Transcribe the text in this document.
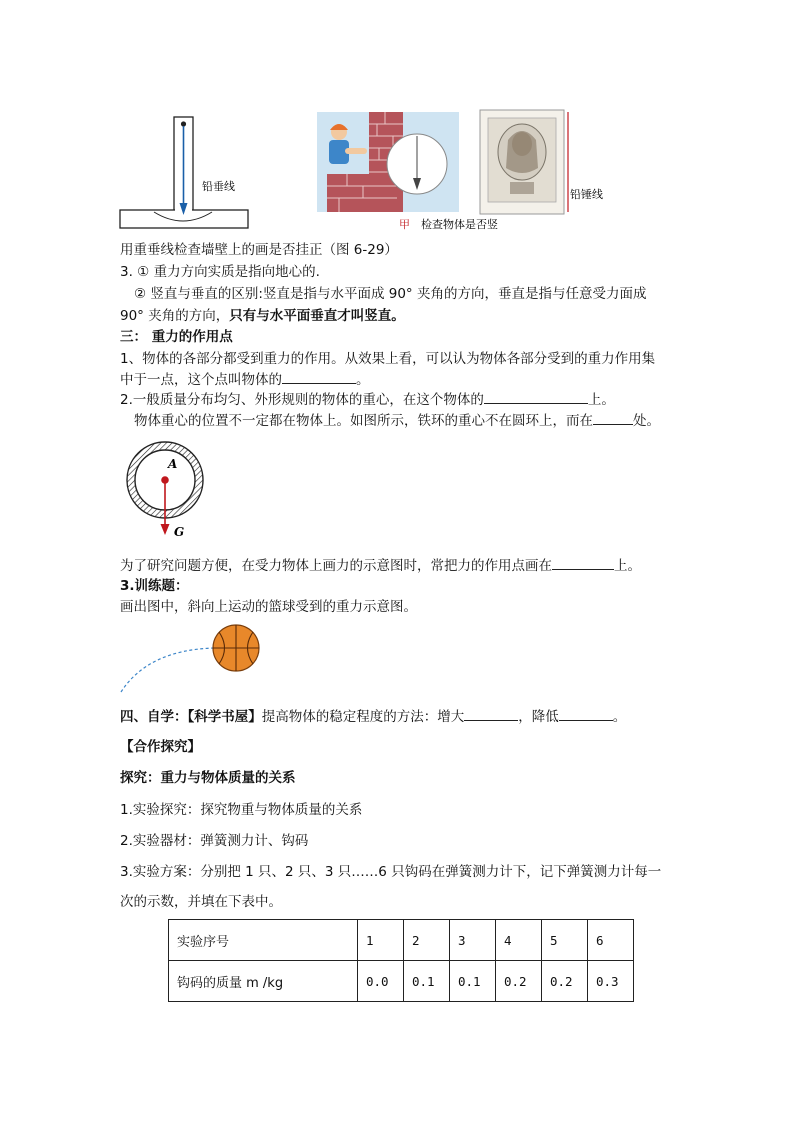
铅垂线
甲 检查物体是否竖
铅锤线
用重垂线检查墙壁上的画是否挂正（图 6-29）
3. ① 重力方向实质是指向地心的.
② 竖直与垂直的区别:竖直是指与水平面成 90° 夹角的方向，垂直是指与任意受力面成
90° 夹角的方向，只有与水平面垂直才叫竖直。
三： 重力的作用点
1、物体的各部分都受到重力的作用。从效果上看，可以认为物体各部分受到的重力作用集
中于一点，这个点叫物体的	。
2.一般质量分布均匀、外形规则的物体的重心，在这个物体的	上。
物体重心的位置不一定都在物体上。如图所示，铁环的重心不在圆环上，而在	处。
A
G
为了研究问题方便，在受力物体上画力的示意图时，常把力的作用点画在	上。
3.训练题：
画出图中，斜向上运动的篮球受到的重力示意图。
四、自学：【科学书屋】提高物体的稳定程度的方法：增大	，降低	。
【合作探究】
探究：重力与物体质量的关系
1.实验探究：探究物重与物体质量的关系
2.实验器材：弹簧测力计、钩码
3.实验方案：分别把 1 只、2 只、3 只……6 只钩码在弹簧测力计下，记下弹簧测力计每一
次的示数，并填在下表中。
实验序号	1	2	3	4	5	6
钩码的质量 m /kg	0.0	0.1	0.1	0.2	0.2	0.3
